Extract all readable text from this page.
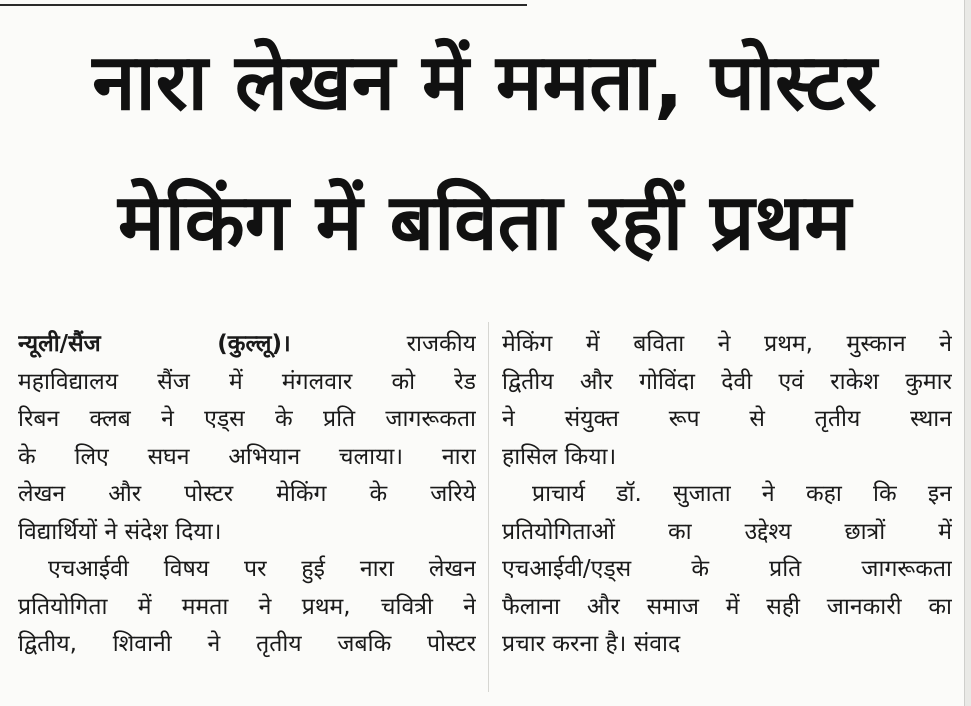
नारा लेखन में ममता, पोस्टर
मेकिंग में बविता रहीं प्रथम
न्यूली/सैंज (कुल्लू)।	राजकीय
महाविद्यालय सैंज में मंगलवार को रेड
रिबन क्लब ने एड्स के प्रति जागरूकता
के लिए सघन अभियान चलाया। नारा
लेखन और पोस्टर मेकिंग के जरिये
विद्यार्थियों ने संदेश दिया।
एचआईवी विषय पर हुई नारा लेखन
प्रतियोगिता में ममता ने प्रथम, चवित्री ने
द्वितीय, शिवानी ने तृतीय जबकि पोस्टर
मेकिंग में बविता ने प्रथम, मुस्कान ने
द्वितीय और गोविंदा देवी एवं राकेश कुमार
ने संयुक्त रूप से तृतीय स्थान
हासिल किया।
प्राचार्य डॉ. सुजाता ने कहा कि इन
प्रतियोगिताओं का उद्देश्य छात्रों में
एचआईवी/एड्स के प्रति जागरूकता
फैलाना और समाज में सही जानकारी का
प्रचार करना है। संवाद
